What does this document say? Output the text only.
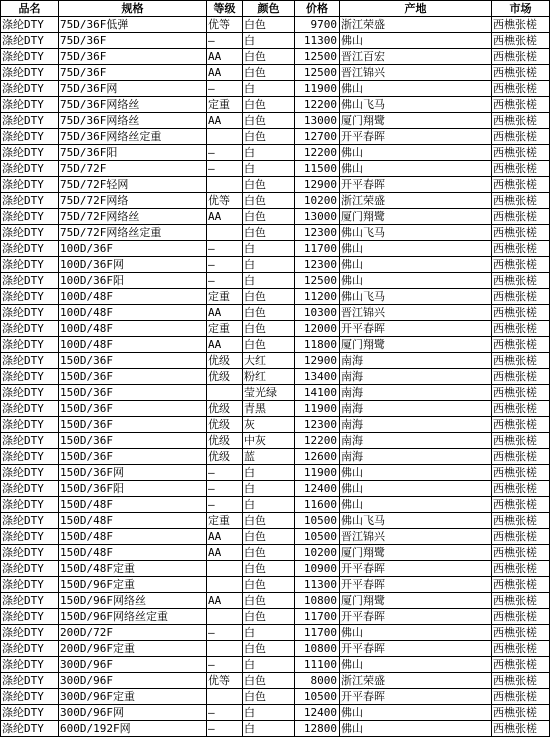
品名	规格	等级	颜色	价格	产地	市场
涤纶DTY	75D/36F低弹	优等	白色	9700	浙江荣盛	西樵张槎
涤纶DTY	75D/36F	—	白	11300	佛山	西樵张槎
涤纶DTY	75D/36F	AA	白色	12500	晋江百宏	西樵张槎
涤纶DTY	75D/36F	AA	白色	12500	晋江锦兴	西樵张槎
涤纶DTY	75D/36F网	—	白	11900	佛山	西樵张槎
涤纶DTY	75D/36F网络丝	定重	白色	12200	佛山飞马	西樵张槎
涤纶DTY	75D/36F网络丝	AA	白色	13000	厦门翔鹭	西樵张槎
涤纶DTY	75D/36F网络丝定重		白色	12700	开平春晖	西樵张槎
涤纶DTY	75D/36F阳	—	白	12200	佛山	西樵张槎
涤纶DTY	75D/72F	—	白	11500	佛山	西樵张槎
涤纶DTY	75D/72F轻网		白色	12900	开平春晖	西樵张槎
涤纶DTY	75D/72F网络	优等	白色	10200	浙江荣盛	西樵张槎
涤纶DTY	75D/72F网络丝	AA	白色	13000	厦门翔鹭	西樵张槎
涤纶DTY	75D/72F网络丝定重		白色	12300	佛山飞马	西樵张槎
涤纶DTY	100D/36F	—	白	11700	佛山	西樵张槎
涤纶DTY	100D/36F网	—	白	12300	佛山	西樵张槎
涤纶DTY	100D/36F阳	—	白	12500	佛山	西樵张槎
涤纶DTY	100D/48F	定重	白色	11200	佛山飞马	西樵张槎
涤纶DTY	100D/48F	AA	白色	10300	晋江锦兴	西樵张槎
涤纶DTY	100D/48F	定重	白色	12000	开平春晖	西樵张槎
涤纶DTY	100D/48F	AA	白色	11800	厦门翔鹭	西樵张槎
涤纶DTY	150D/36F	优级	大红	12900	南海	西樵张槎
涤纶DTY	150D/36F	优级	粉红	13400	南海	西樵张槎
涤纶DTY	150D/36F		莹光绿	14100	南海	西樵张槎
涤纶DTY	150D/36F	优级	青黑	11900	南海	西樵张槎
涤纶DTY	150D/36F	优级	灰	12300	南海	西樵张槎
涤纶DTY	150D/36F	优级	中灰	12200	南海	西樵张槎
涤纶DTY	150D/36F	优级	蓝	12600	南海	西樵张槎
涤纶DTY	150D/36F网	—	白	11900	佛山	西樵张槎
涤纶DTY	150D/36F阳	—	白	12400	佛山	西樵张槎
涤纶DTY	150D/48F	—	白	11600	佛山	西樵张槎
涤纶DTY	150D/48F	定重	白色	10500	佛山飞马	西樵张槎
涤纶DTY	150D/48F	AA	白色	10500	晋江锦兴	西樵张槎
涤纶DTY	150D/48F	AA	白色	10200	厦门翔鹭	西樵张槎
涤纶DTY	150D/48F定重		白色	10900	开平春晖	西樵张槎
涤纶DTY	150D/96F定重		白色	11300	开平春晖	西樵张槎
涤纶DTY	150D/96F网络丝	AA	白色	10800	厦门翔鹭	西樵张槎
涤纶DTY	150D/96F网络丝定重		白色	11700	开平春晖	西樵张槎
涤纶DTY	200D/72F	—	白	11700	佛山	西樵张槎
涤纶DTY	200D/96F定重		白色	10800	开平春晖	西樵张槎
涤纶DTY	300D/96F	—	白	11100	佛山	西樵张槎
涤纶DTY	300D/96F	优等	白色	8000	浙江荣盛	西樵张槎
涤纶DTY	300D/96F定重		白色	10500	开平春晖	西樵张槎
涤纶DTY	300D/96F网	—	白	12400	佛山	西樵张槎
涤纶DTY	600D/192F网	—	白	12800	佛山	西樵张槎
